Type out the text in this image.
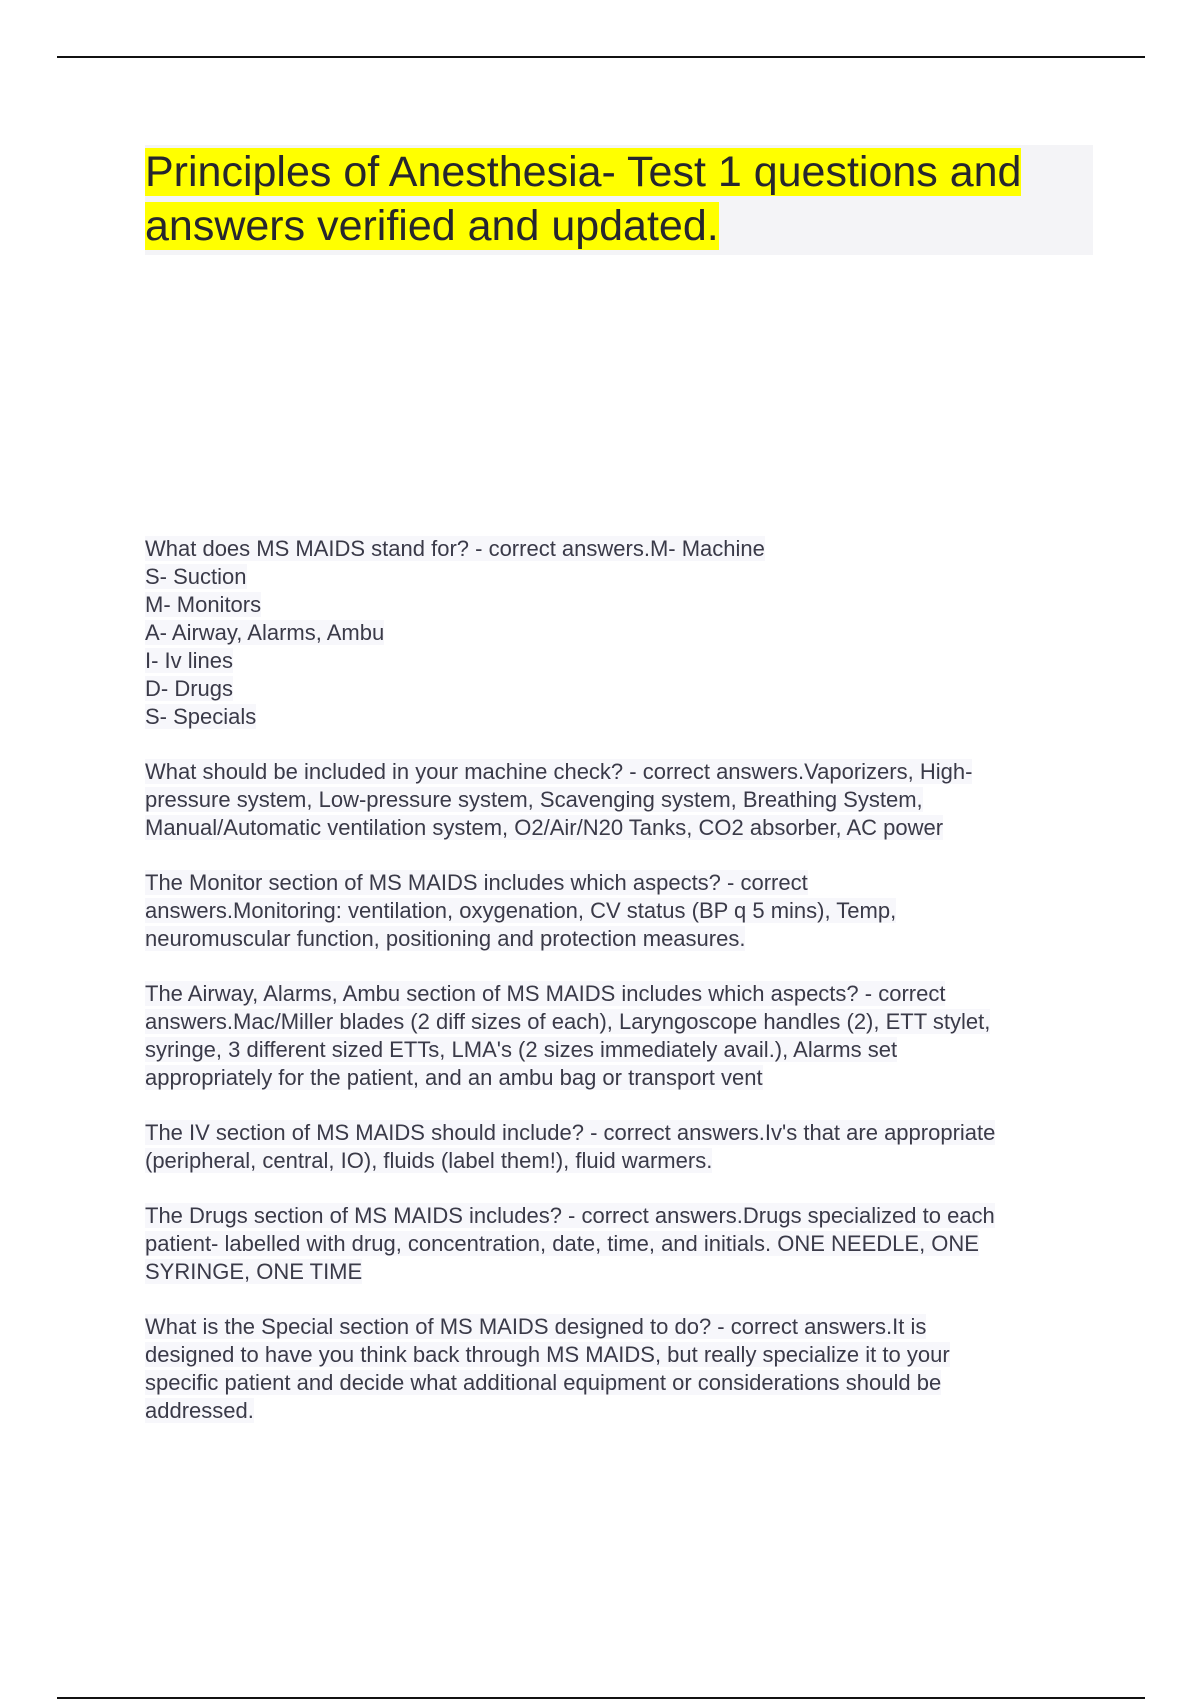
Principles of Anesthesia- Test 1 questions and answers verified and updated.

What does MS MAIDS stand for? - correct answers.M- Machine
S- Suction
M- Monitors
A- Airway, Alarms, Ambu
I- Iv lines
D- Drugs
S- Specials

What should be included in your machine check? - correct answers.Vaporizers, High-
pressure system, Low-pressure system, Scavenging system, Breathing System,
Manual/Automatic ventilation system, O2/Air/N20 Tanks, CO2 absorber, AC power

The Monitor section of MS MAIDS includes which aspects? - correct
answers.Monitoring: ventilation, oxygenation, CV status (BP q 5 mins), Temp,
neuromuscular function, positioning and protection measures.

The Airway, Alarms, Ambu section of MS MAIDS includes which aspects? - correct
answers.Mac/Miller blades (2 diff sizes of each), Laryngoscope handles (2), ETT stylet,
syringe, 3 different sized ETTs, LMA's (2 sizes immediately avail.), Alarms set
appropriately for the patient, and an ambu bag or transport vent

The IV section of MS MAIDS should include? - correct answers.Iv's that are appropriate
(peripheral, central, IO), fluids (label them!), fluid warmers.

The Drugs section of MS MAIDS includes? - correct answers.Drugs specialized to each
patient- labelled with drug, concentration, date, time, and initials. ONE NEEDLE, ONE
SYRINGE, ONE TIME

What is the Special section of MS MAIDS designed to do? - correct answers.It is
designed to have you think back through MS MAIDS, but really specialize it to your
specific patient and decide what additional equipment or considerations should be
addressed.
